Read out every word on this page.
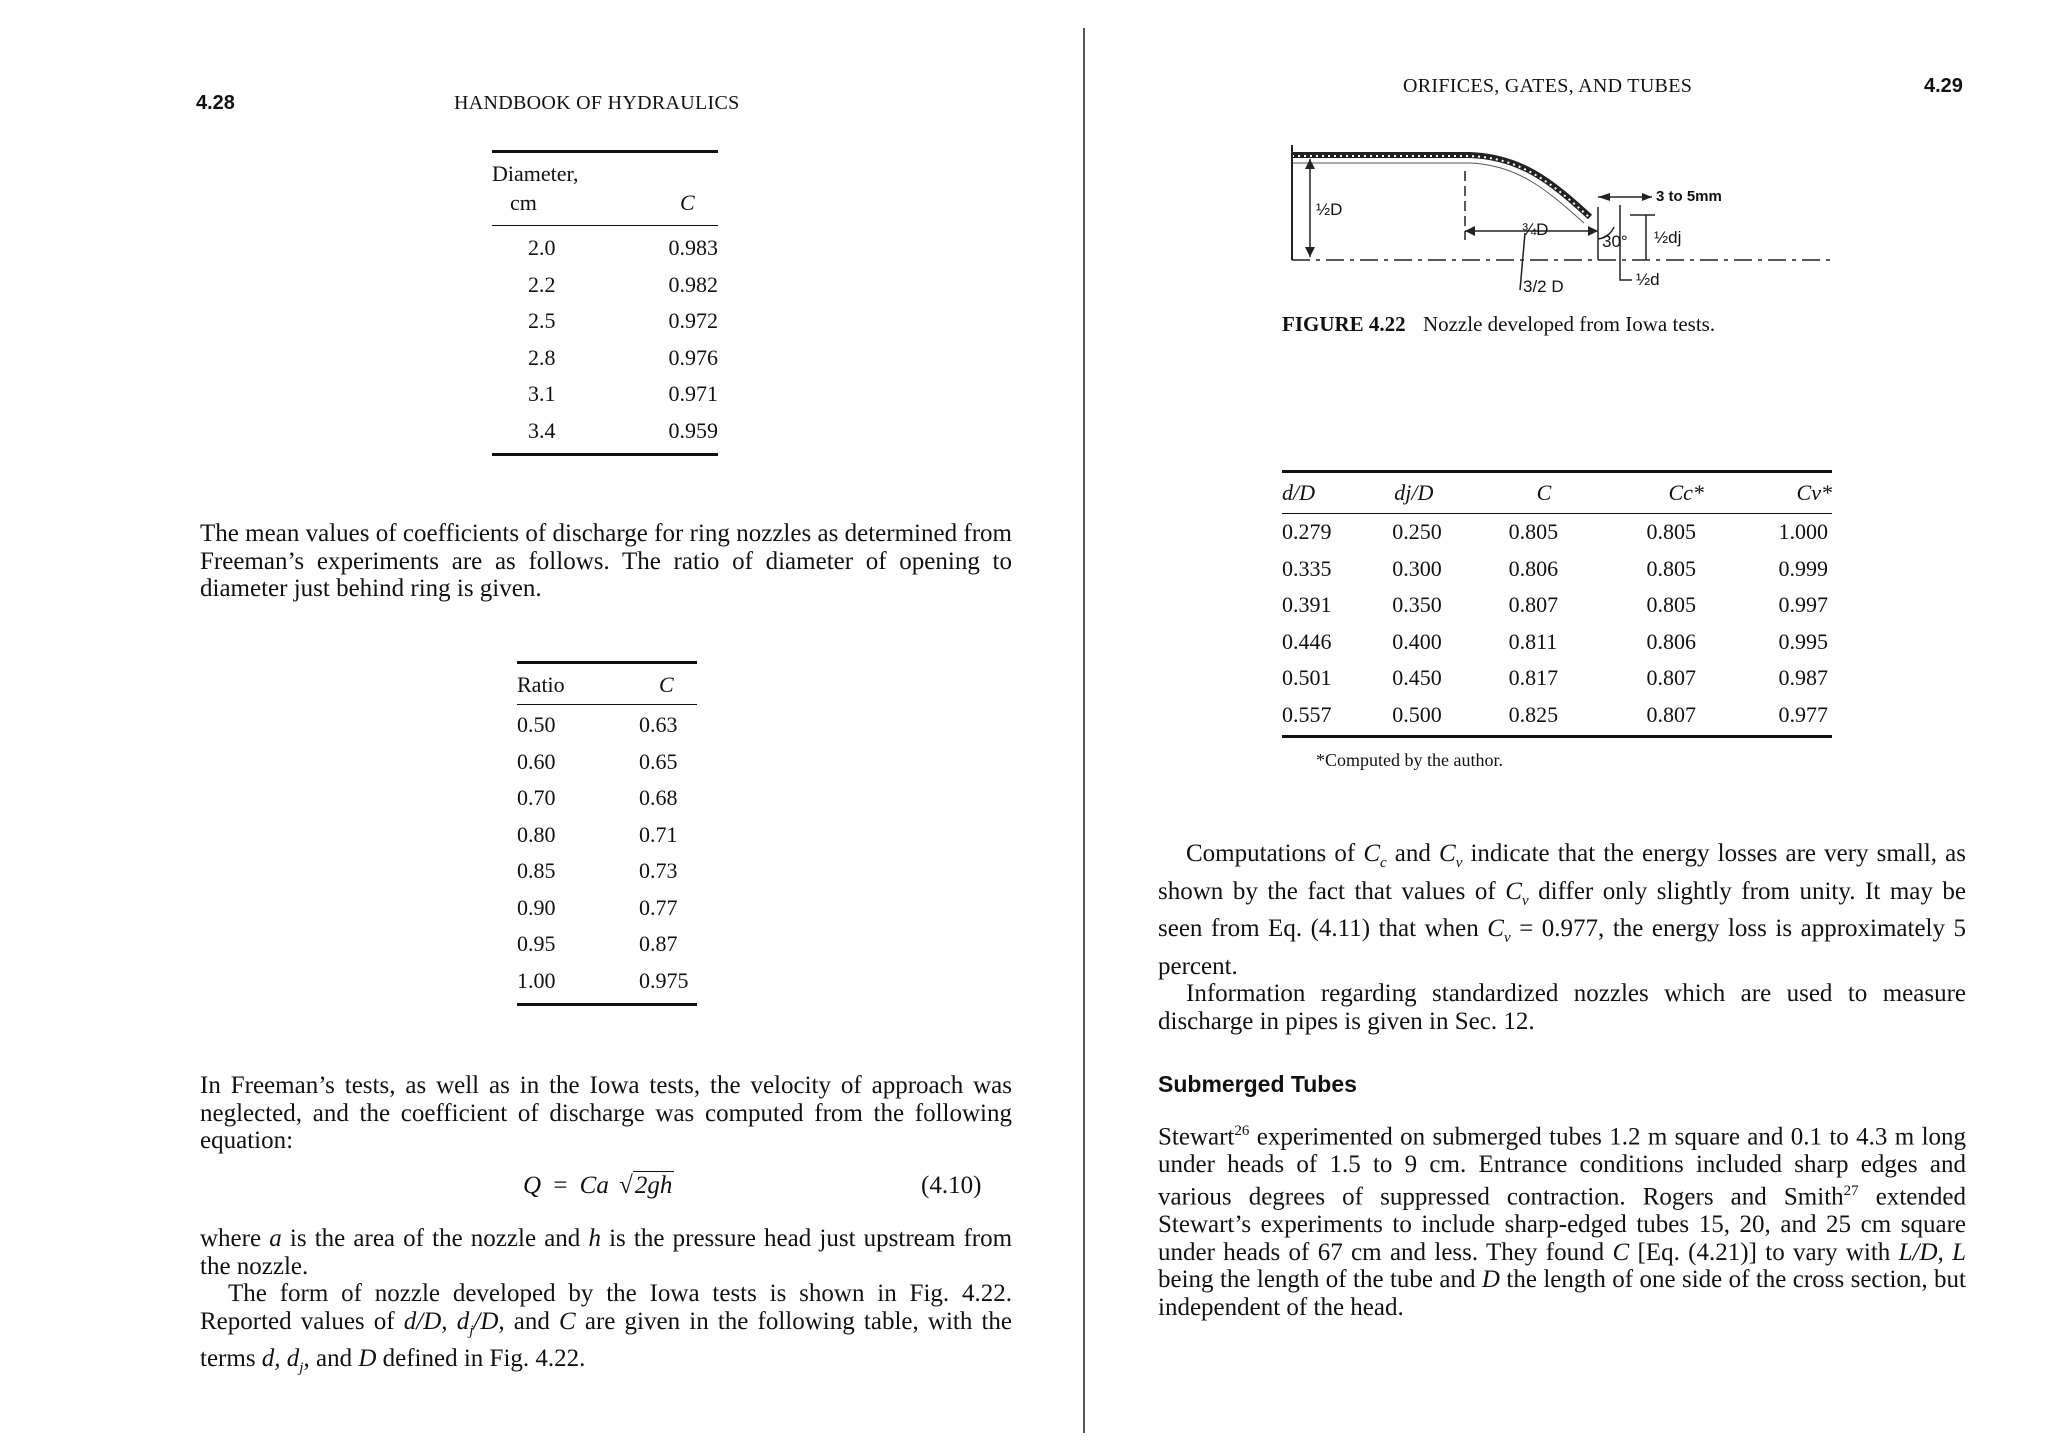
4.28	HANDBOOK OF HYDRAULICS
Diameter,
cm	C
2.0	0.983
2.2	0.982
2.5	0.972
2.8	0.976
3.1	0.971
3.4	0.959

The mean values of coefficients of discharge for ring nozzles as determined from Freeman’s experiments are as follows. The ratio of diameter of opening to diameter just behind ring is given.

Ratio	C
0.50	0.63
0.60	0.65
0.70	0.68
0.80	0.71
0.85	0.73
0.90	0.77
0.95	0.87
1.00	0.975

In Freeman’s tests, as well as in the Iowa tests, the velocity of approach was neglected, and the coefficient of discharge was computed from the following equation:

Q = Ca √2gh	(4.10)

where a is the area of the nozzle and h is the pressure head just upstream from the nozzle.

The form of nozzle developed by the Iowa tests is shown in Fig. 4.22. Reported values of d/D, $d_j/D$, and C are given in the following table, with the terms d, $d_j$, and D defined in Fig. 4.22.

ORIFICES, GATES, AND TUBES	4.29
½D
¾D
3/2 D
30°
3 to 5mm
½dj
½d
FIGURE 4.22 Nozzle developed from Iowa tests.
d/D	dj/D	C	Cc*	Cv*
0.279	0.250	0.805	0.805	1.000
0.335	0.300	0.806	0.805	0.999
0.391	0.350	0.807	0.805	0.997
0.446	0.400	0.811	0.806	0.995
0.501	0.450	0.817	0.807	0.987
0.557	0.500	0.825	0.807	0.977
*Computed by the author.

Computations of $C_c$ and $C_v$ indicate that the energy losses are very small, as shown by the fact that values of $C_v$ differ only slightly from unity. It may be seen from Eq. (4.11) that when $C_v = 0.977$, the energy loss is approximately 5 percent.

Information regarding standardized nozzles which are used to measure discharge in pipes is given in Sec. 12.

Submerged Tubes

Stewart$^{26}$ experimented on submerged tubes 1.2 m square and 0.1 to 4.3 m long under heads of 1.5 to 9 cm. Entrance conditions included sharp edges and various degrees of suppressed contraction. Rogers and Smith$^{27}$ extended Stewart’s experiments to include sharp-edged tubes 15, 20, and 25 cm square under heads of 67 cm and less. They found C [Eq. (4.21)] to vary with L/D, L being the length of the tube and D the length of one side of the cross section, but independent of the head.
